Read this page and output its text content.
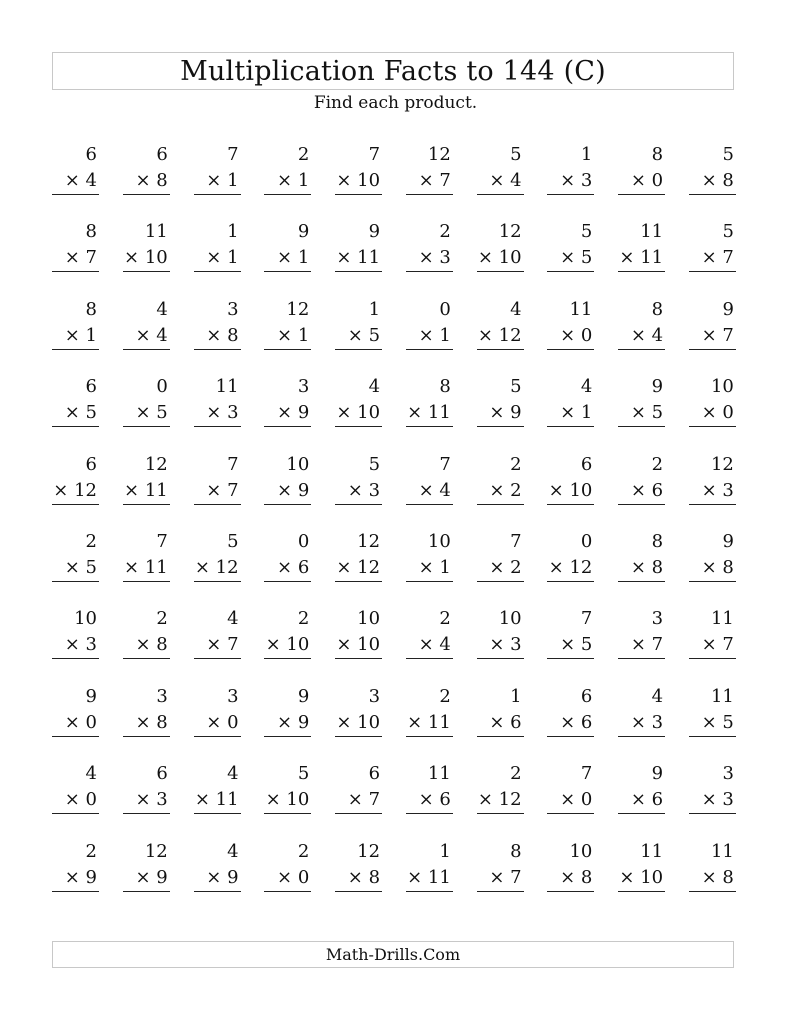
Multiplication Facts to 144 (C)
Find each product.
6
× 4
6
× 8
7
× 1
2
× 1
7
× 10
12
× 7
5
× 4
1
× 3
8
× 0
5
× 8
8
× 7
11
× 10
1
× 1
9
× 1
9
× 11
2
× 3
12
× 10
5
× 5
11
× 11
5
× 7
8
× 1
4
× 4
3
× 8
12
× 1
1
× 5
0
× 1
4
× 12
11
× 0
8
× 4
9
× 7
6
× 5
0
× 5
11
× 3
3
× 9
4
× 10
8
× 11
5
× 9
4
× 1
9
× 5
10
× 0
6
× 12
12
× 11
7
× 7
10
× 9
5
× 3
7
× 4
2
× 2
6
× 10
2
× 6
12
× 3
2
× 5
7
× 11
5
× 12
0
× 6
12
× 12
10
× 1
7
× 2
0
× 12
8
× 8
9
× 8
10
× 3
2
× 8
4
× 7
2
× 10
10
× 10
2
× 4
10
× 3
7
× 5
3
× 7
11
× 7
9
× 0
3
× 8
3
× 0
9
× 9
3
× 10
2
× 11
1
× 6
6
× 6
4
× 3
11
× 5
4
× 0
6
× 3
4
× 11
5
× 10
6
× 7
11
× 6
2
× 12
7
× 0
9
× 6
3
× 3
2
× 9
12
× 9
4
× 9
2
× 0
12
× 8
1
× 11
8
× 7
10
× 8
11
× 10
11
× 8
Math-Drills.Com
